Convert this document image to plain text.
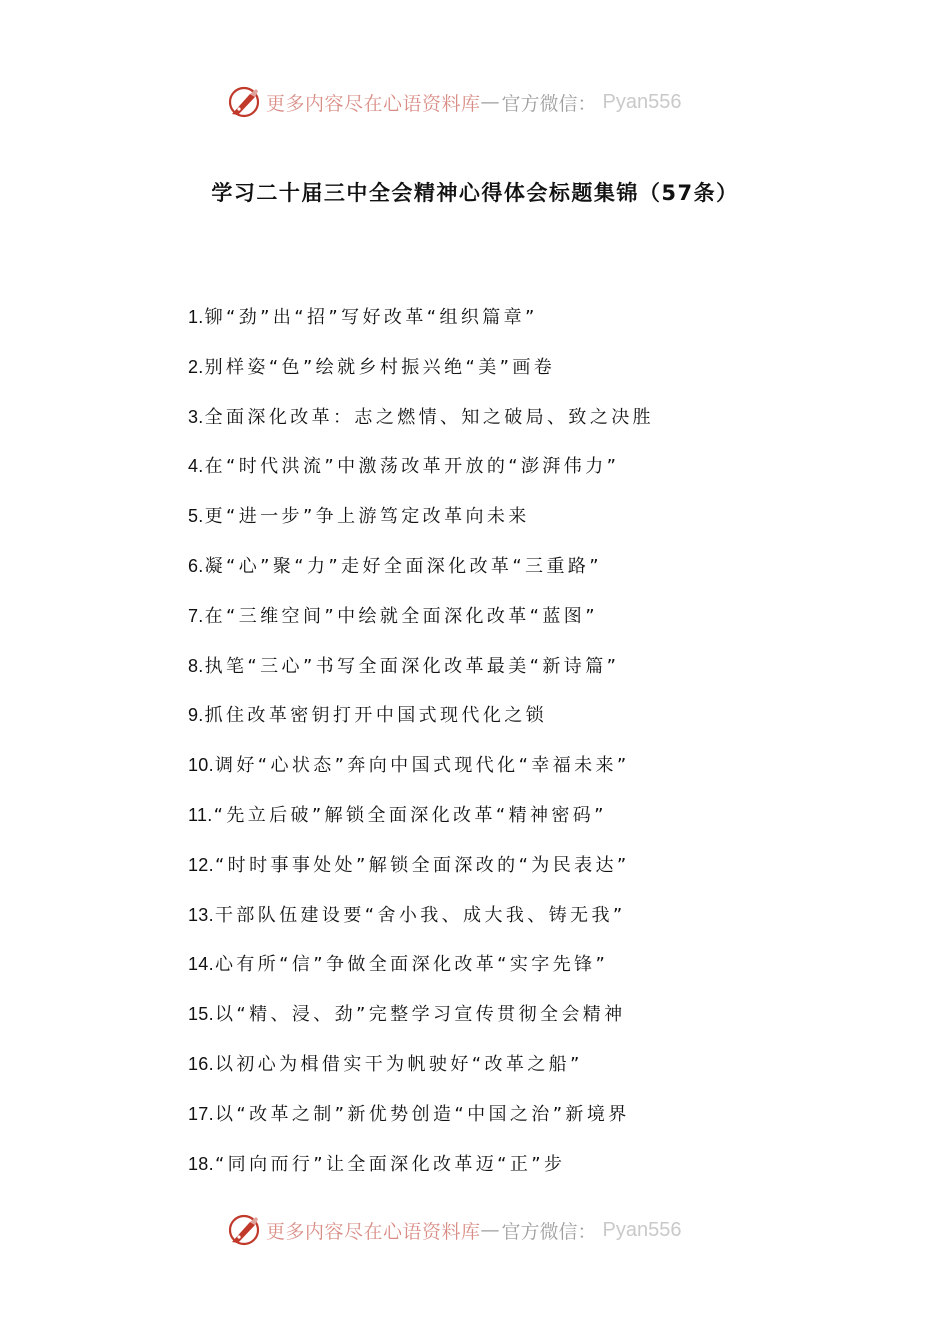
更多内容尽在心语资料库 — 官方微信： Pyan556
学习二十届三中全会精神心得体会标题集锦（57条）
1.铆“劲”出“招”写好改革“组织篇章”
2.别样姿“色”绘就乡村振兴绝“美”画卷
3.全面深化改革：志之燃情、知之破局、致之决胜
4.在“时代洪流”中激荡改革开放的“澎湃伟力”
5.更“进一步”争上游笃定改革向未来
6.凝“心”聚“力”走好全面深化改革“三重路”
7.在“三维空间”中绘就全面深化改革“蓝图”
8.执笔“三心”书写全面深化改革最美“新诗篇”
9.抓住改革密钥打开中国式现代化之锁
10.调好“心状态”奔向中国式现代化“幸福未来”
11.“先立后破”解锁全面深化改革“精神密码”
12.“时时事事处处”解锁全面深改的“为民表达”
13.干部队伍建设要“舍小我、成大我、铸无我”
14.心有所“信”争做全面深化改革“实字先锋”
15.以“精、浸、劲”完整学习宣传贯彻全会精神
16.以初心为楫借实干为帆驶好“改革之船”
17.以“改革之制”新优势创造“中国之治”新境界
18.“同向而行”让全面深化改革迈“正”步
更多内容尽在心语资料库 — 官方微信： Pyan556
